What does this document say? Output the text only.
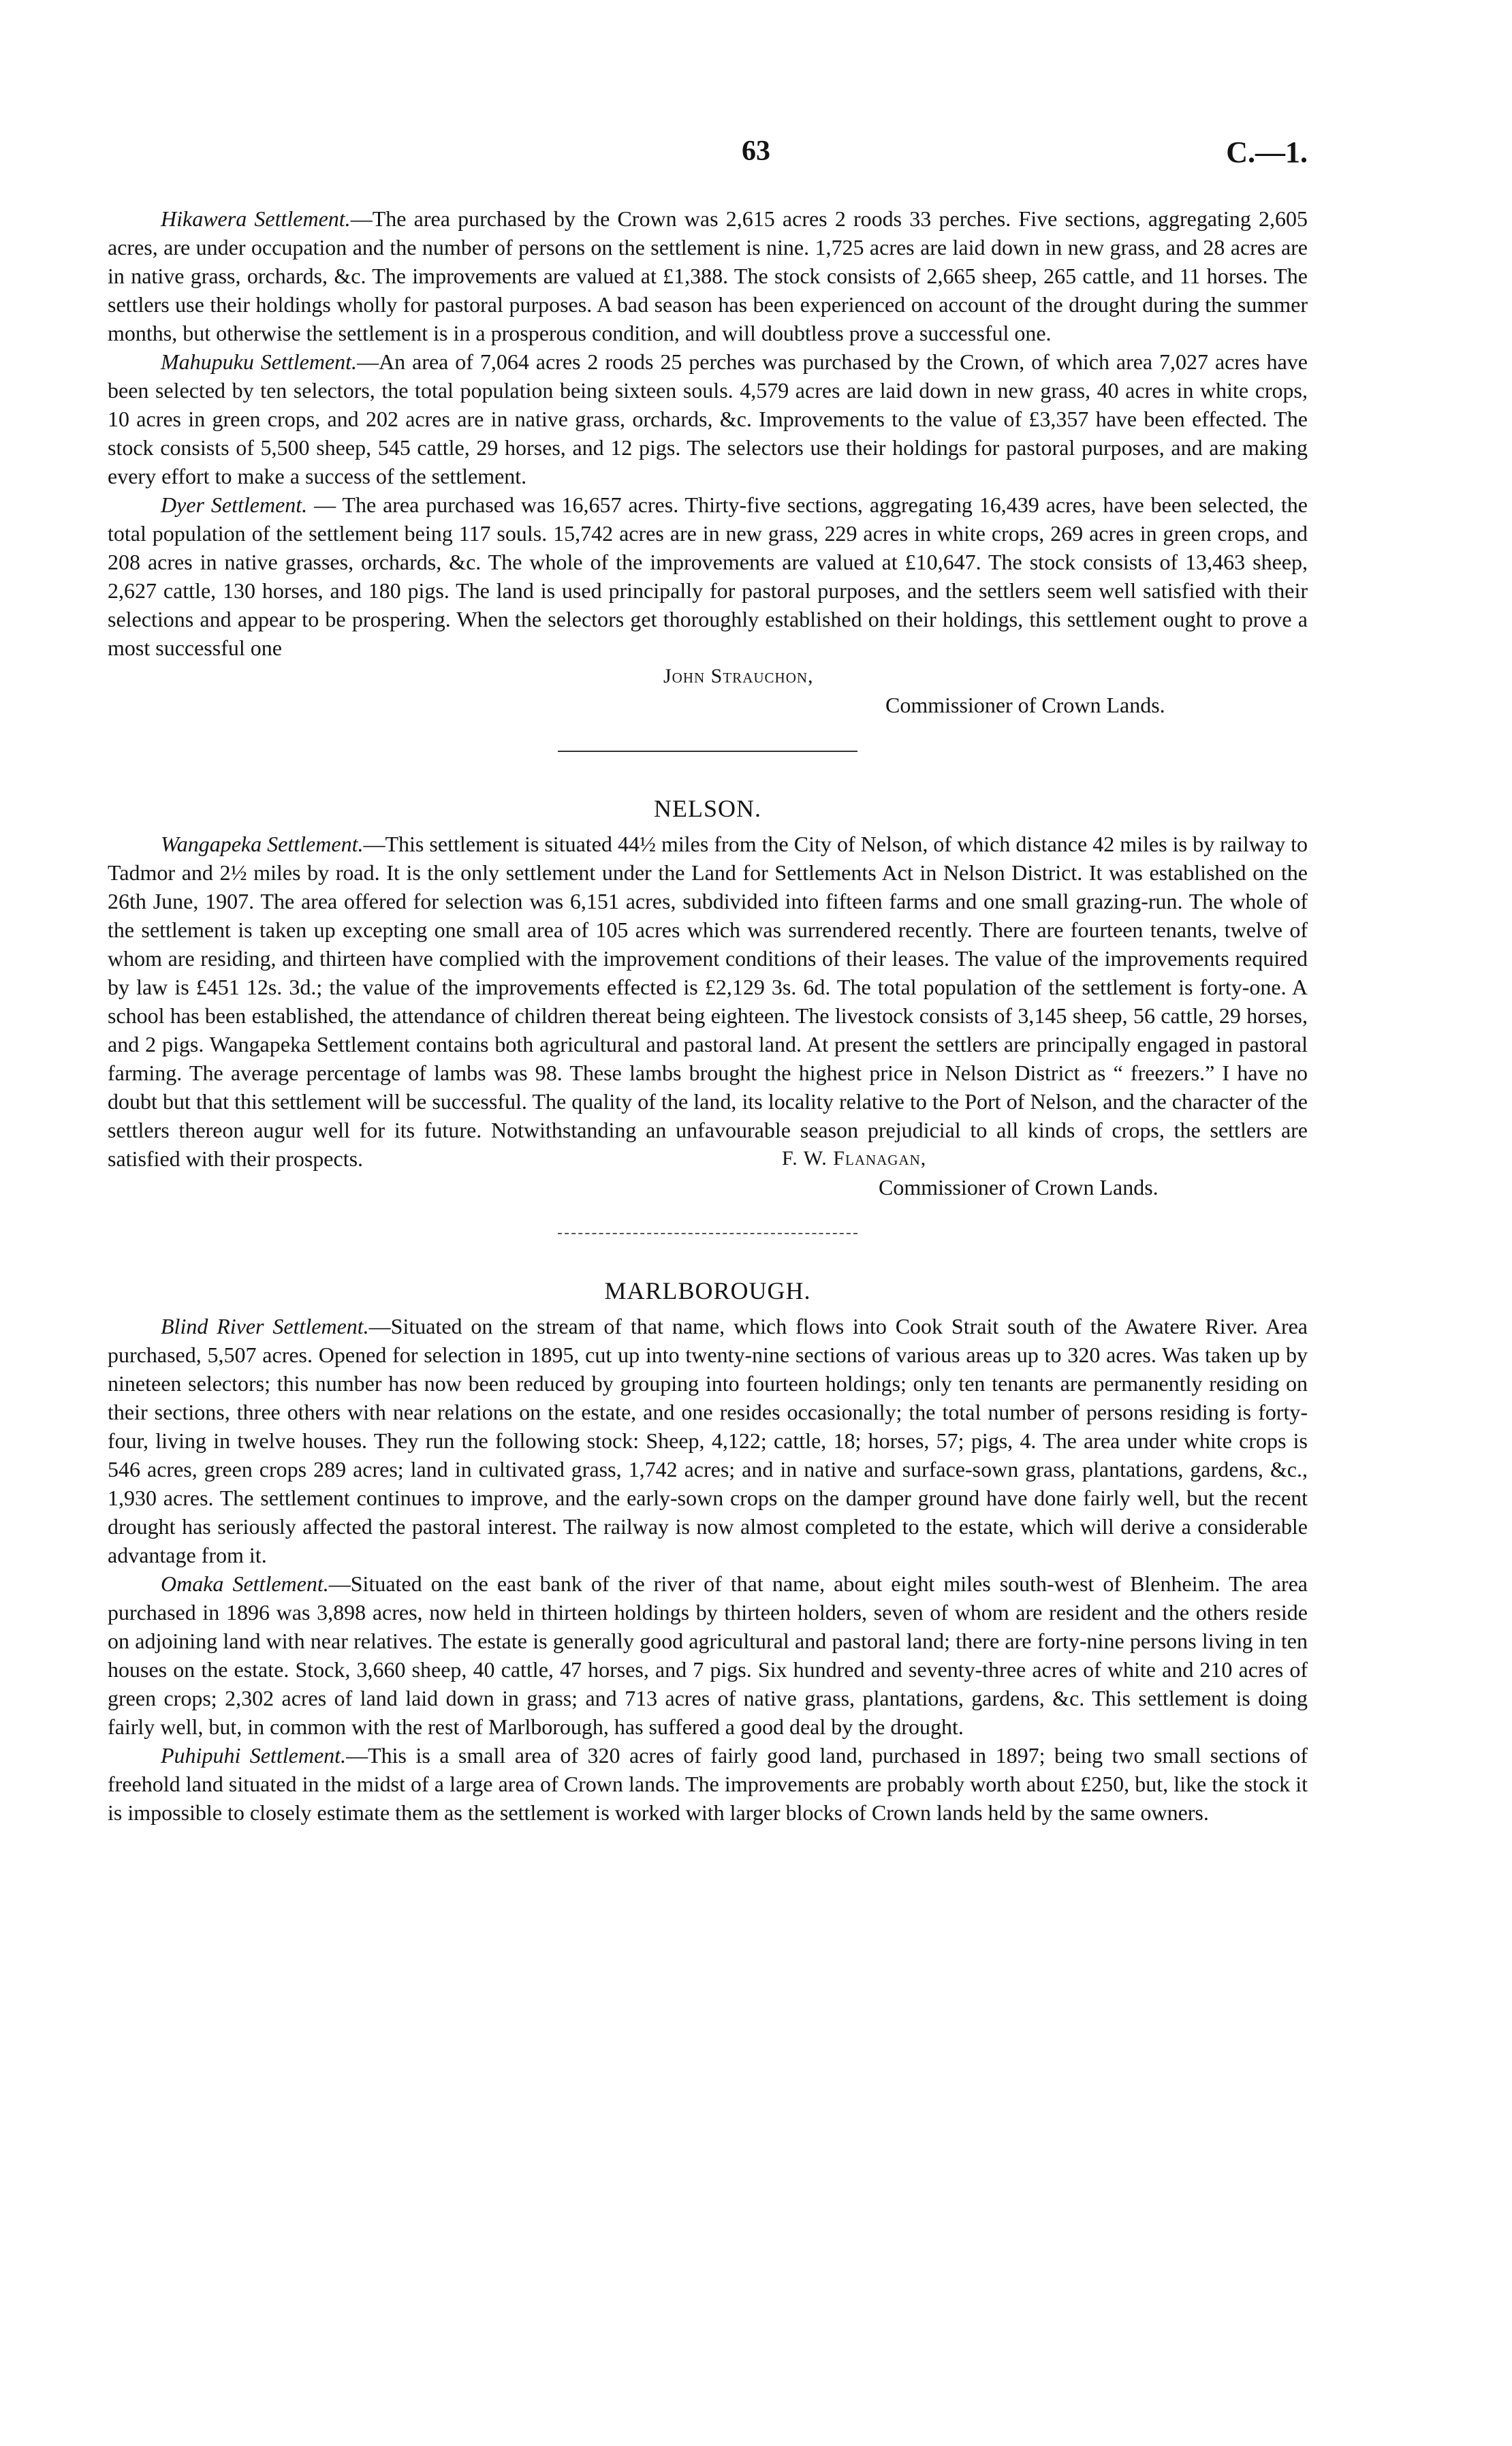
63	C.—1.

Hikawera Settlement.—The area purchased by the Crown was 2,615 acres 2 roods 33 perches. Five sections, aggregating 2,605 acres, are under occupation and the number of persons on the settlement is nine. 1,725 acres are laid down in new grass, and 28 acres are in native grass, orchards, &c. The improvements are valued at £1,388. The stock consists of 2,665 sheep, 265 cattle, and 11 horses. The settlers use their holdings wholly for pastoral purposes. A bad season has been experienced on account of the drought during the summer months, but otherwise the settlement is in a prosperous condition, and will doubtless prove a successful one.

Mahupuku Settlement.—An area of 7,064 acres 2 roods 25 perches was purchased by the Crown, of which area 7,027 acres have been selected by ten selectors, the total population being sixteen souls. 4,579 acres are laid down in new grass, 40 acres in white crops, 10 acres in green crops, and 202 acres are in native grass, orchards, &c. Improvements to the value of £3,357 have been effected. The stock consists of 5,500 sheep, 545 cattle, 29 horses, and 12 pigs. The selectors use their holdings for pastoral purposes, and are making every effort to make a success of the settlement.

Dyer Settlement. — The area purchased was 16,657 acres. Thirty-five sections, aggregating 16,439 acres, have been selected, the total population of the settlement being 117 souls. 15,742 acres are in new grass, 229 acres in white crops, 269 acres in green crops, and 208 acres in native grasses, orchards, &c. The whole of the improvements are valued at £10,647. The stock consists of 13,463 sheep, 2,627 cattle, 130 horses, and 180 pigs. The land is used principally for pastoral purposes, and the settlers seem well satisfied with their selections and appear to be prospering. When the selectors get thoroughly established on their holdings, this settlement ought to prove a most successful one

John Strauchon,
Commissioner of Crown Lands.
NELSON.

Wangapeka Settlement.—This settlement is situated 44½ miles from the City of Nelson, of which distance 42 miles is by railway to Tadmor and 2½ miles by road. It is the only settlement under the Land for Settlements Act in Nelson District. It was established on the 26th June, 1907. The area offered for selection was 6,151 acres, subdivided into fifteen farms and one small grazing-run. The whole of the settlement is taken up excepting one small area of 105 acres which was surrendered recently. There are fourteen tenants, twelve of whom are residing, and thirteen have complied with the improvement conditions of their leases. The value of the improvements required by law is £451 12s. 3d.; the value of the improvements effected is £2,129 3s. 6d. The total population of the settlement is forty-one. A school has been established, the attendance of children thereat being eighteen. The livestock consists of 3,145 sheep, 56 cattle, 29 horses, and 2 pigs. Wangapeka Settlement contains both agricultural and pastoral land. At present the settlers are principally engaged in pastoral farming. The average percentage of lambs was 98. These lambs brought the highest price in Nelson District as “ freezers.” I have no doubt but that this settlement will be successful. The quality of the land, its locality relative to the Port of Nelson, and the character of the settlers thereon augur well for its future. Notwithstanding an unfavourable season prejudicial to all kinds of crops, the settlers are satisfied with their prospects.	F. W. Flanagan,
Commissioner of Crown Lands.
MARLBOROUGH.

Blind River Settlement.—Situated on the stream of that name, which flows into Cook Strait south of the Awatere River. Area purchased, 5,507 acres. Opened for selection in 1895, cut up into twenty-nine sections of various areas up to 320 acres. Was taken up by nineteen selectors; this number has now been reduced by grouping into fourteen holdings; only ten tenants are permanently residing on their sections, three others with near relations on the estate, and one resides occasionally; the total number of persons residing is forty-four, living in twelve houses. They run the following stock: Sheep, 4,122; cattle, 18; horses, 57; pigs, 4. The area under white crops is 546 acres, green crops 289 acres; land in cultivated grass, 1,742 acres; and in native and surface-sown grass, plantations, gardens, &c., 1,930 acres. The settlement continues to improve, and the early-sown crops on the damper ground have done fairly well, but the recent drought has seriously affected the pastoral interest. The railway is now almost completed to the estate, which will derive a considerable advantage from it.

Omaka Settlement.—Situated on the east bank of the river of that name, about eight miles south-west of Blenheim. The area purchased in 1896 was 3,898 acres, now held in thirteen holdings by thirteen holders, seven of whom are resident and the others reside on adjoining land with near relatives. The estate is generally good agricultural and pastoral land; there are forty-nine persons living in ten houses on the estate. Stock, 3,660 sheep, 40 cattle, 47 horses, and 7 pigs. Six hundred and seventy-three acres of white and 210 acres of green crops; 2,302 acres of land laid down in grass; and 713 acres of native grass, plantations, gardens, &c. This settlement is doing fairly well, but, in common with the rest of Marlborough, has suffered a good deal by the drought.

Puhipuhi Settlement.—This is a small area of 320 acres of fairly good land, purchased in 1897; being two small sections of freehold land situated in the midst of a large area of Crown lands. The improvements are probably worth about £250, but, like the stock it is impossible to closely estimate them as the settlement is worked with larger blocks of Crown lands held by the same owners.
